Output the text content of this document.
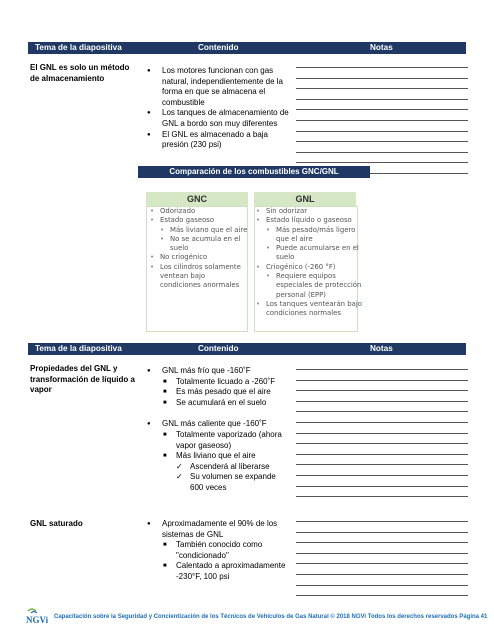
Tema de la diapositiva	Contenido	Notas
El GNL es solo un método de almacenamiento
● Los motores funcionan con gas natural, independientemente de la forma en que se almacena el combustible
● Los tanques de almacenamiento de GNL a bordo son muy diferentes
● El GNL es almacenado a baja presión (230 psi)
Comparación de los combustibles GNC/GNL
GNC	GNL
• Odorizado
• Estado gaseoso
• Más liviano que el aire
• No se acumula en el suelo
• No criogénico
• Los cilindros solamente ventean bajo condiciones anormales
• Sin odorizar
• Estado líquido o gaseoso
• Más pesado/más ligero que el aire
• Puede acumularse en el suelo
• Criogénico (-260 °F)
• Requiere equipos especiales de protección personal (EPP)
• Los tanques ventearán bajo condiciones normales
Tema de la diapositiva	Contenido	Notas
Propiedades del GNL y transformación de líquido a vapor
● GNL más frío que -160˚F
■ Totalmente licuado a -260˚F
■ Es más pesado que el aire
■ Se acumulará en el suelo
● GNL más caliente que -160˚F
■ Totalmente vaporizado (ahora vapor gaseoso)
■ Más liviano que el aire
✓ Ascenderá al liberarse
✓ Su volumen se expande 600 veces
GNL saturado
●	Aproximadamente el 90% de los sistemas de GNL
■ También conocido como "condicionado"
■ Calentado a aproximadamente -230°F, 100 psi
NGVi Capacitación sobre la Seguridad y Concientización de los Técnicos de Vehículos de Gas Natural © 2018 NGVi Todos los derechos reservados Página 41
